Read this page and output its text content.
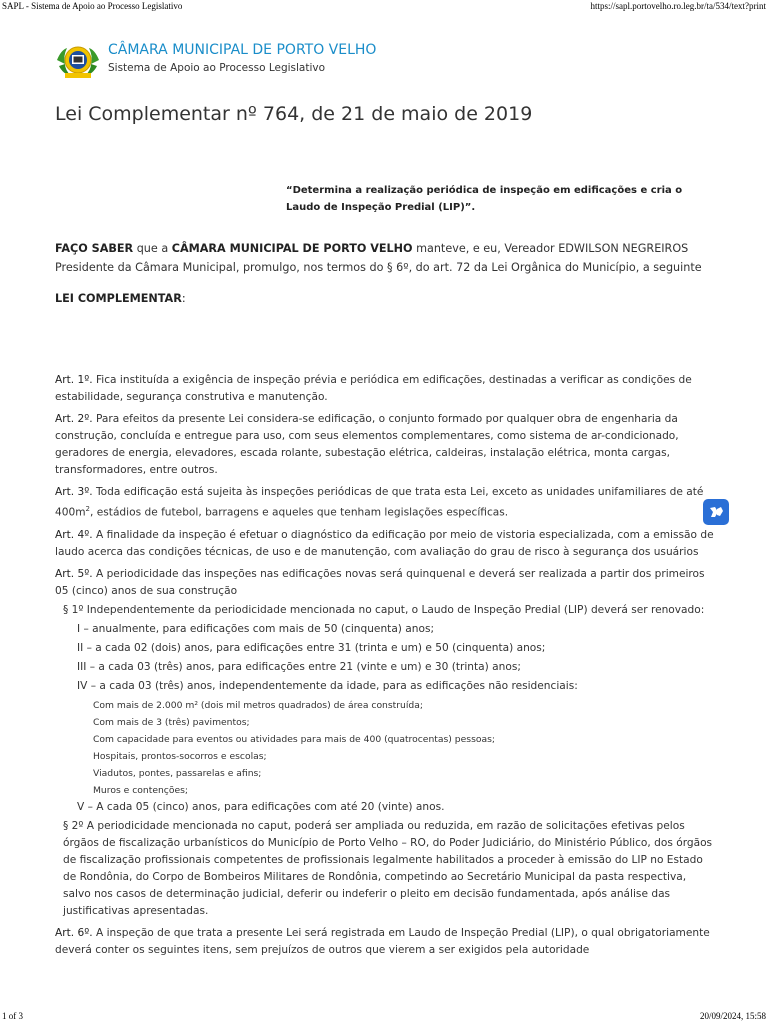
SAPL - Sistema de Apoio ao Processo Legislativo	https://sapl.portovelho.ro.leg.br/ta/534/text?print
CÂMARA MUNICIPAL DE PORTO VELHO
Sistema de Apoio ao Processo Legislativo
Lei Complementar nº 764, de 21 de maio de 2019

“Determina a realização periódica de inspeção em edificações e cria o Laudo de Inspeção Predial (LIP)”.

FAÇO SABER que a CÂMARA MUNICIPAL DE PORTO VELHO manteve, e eu, Vereador EDWILSON NEGREIROS Presidente da Câmara Municipal, promulgo, nos termos do § 6º, do art. 72 da Lei Orgânica do Município, a seguinte

LEI COMPLEMENTAR:

Art. 1º. Fica instituída a exigência de inspeção prévia e periódica em edificações, destinadas a verificar as condições de estabilidade, segurança construtiva e manutenção.

Art. 2º. Para efeitos da presente Lei considera-se edificação, o conjunto formado por qualquer obra de engenharia da construção, concluída e entregue para uso, com seus elementos complementares, como sistema de ar-condicionado, geradores de energia, elevadores, escada rolante, subestação elétrica, caldeiras, instalação elétrica, monta cargas, transformadores, entre outros.

Art. 3º. Toda edificação está sujeita às inspeções periódicas de que trata esta Lei, exceto as unidades unifamiliares de até $400m^2$, estádios de futebol, barragens e aqueles que tenham legislações específicas.

Art. 4º. A finalidade da inspeção é efetuar o diagnóstico da edificação por meio de vistoria especializada, com a emissão de laudo acerca das condições técnicas, de uso e de manutenção, com avaliação do grau de risco à segurança dos usuários

Art. 5º. A periodicidade das inspeções nas edificações novas será quinquenal e deverá ser realizada a partir dos primeiros 05 (cinco) anos de sua construção

§ 1º Independentemente da periodicidade mencionada no caput, o Laudo de Inspeção Predial (LIP) deverá ser renovado:
I – anualmente, para edificações com mais de 50 (cinquenta) anos;
II – a cada 02 (dois) anos, para edificações entre 31 (trinta e um) e 50 (cinquenta) anos;
III – a cada 03 (três) anos, para edificações entre 21 (vinte e um) e 30 (trinta) anos;
IV – a cada 03 (três) anos, independentemente da idade, para as edificações não residenciais:
Com mais de 2.000 m² (dois mil metros quadrados) de área construída;
Com mais de 3 (três) pavimentos;
Com capacidade para eventos ou atividades para mais de 400 (quatrocentas) pessoas;
Hospitais, prontos-socorros e escolas;
Viadutos, pontes, passarelas e afins;
Muros e contenções;
V – A cada 05 (cinco) anos, para edificações com até 20 (vinte) anos.
§ 2º A periodicidade mencionada no caput, poderá ser ampliada ou reduzida, em razão de solicitações efetivas pelos órgãos de fiscalização urbanísticos do Município de Porto Velho – RO, do Poder Judiciário, do Ministério Público, dos órgãos de fiscalização profissionais competentes de profissionais legalmente habilitados a proceder à emissão do LIP no Estado de Rondônia, do Corpo de Bombeiros Militares de Rondônia, competindo ao Secretário Municipal da pasta respectiva, salvo nos casos de determinação judicial, deferir ou indeferir o pleito em decisão fundamentada, após análise das justificativas apresentadas.

Art. 6º. A inspeção de que trata a presente Lei será registrada em Laudo de Inspeção Predial (LIP), o qual obrigatoriamente deverá conter os seguintes itens, sem prejuízos de outros que vierem a ser exigidos pela autoridade

1 of 3	20/09/2024, 15:58
